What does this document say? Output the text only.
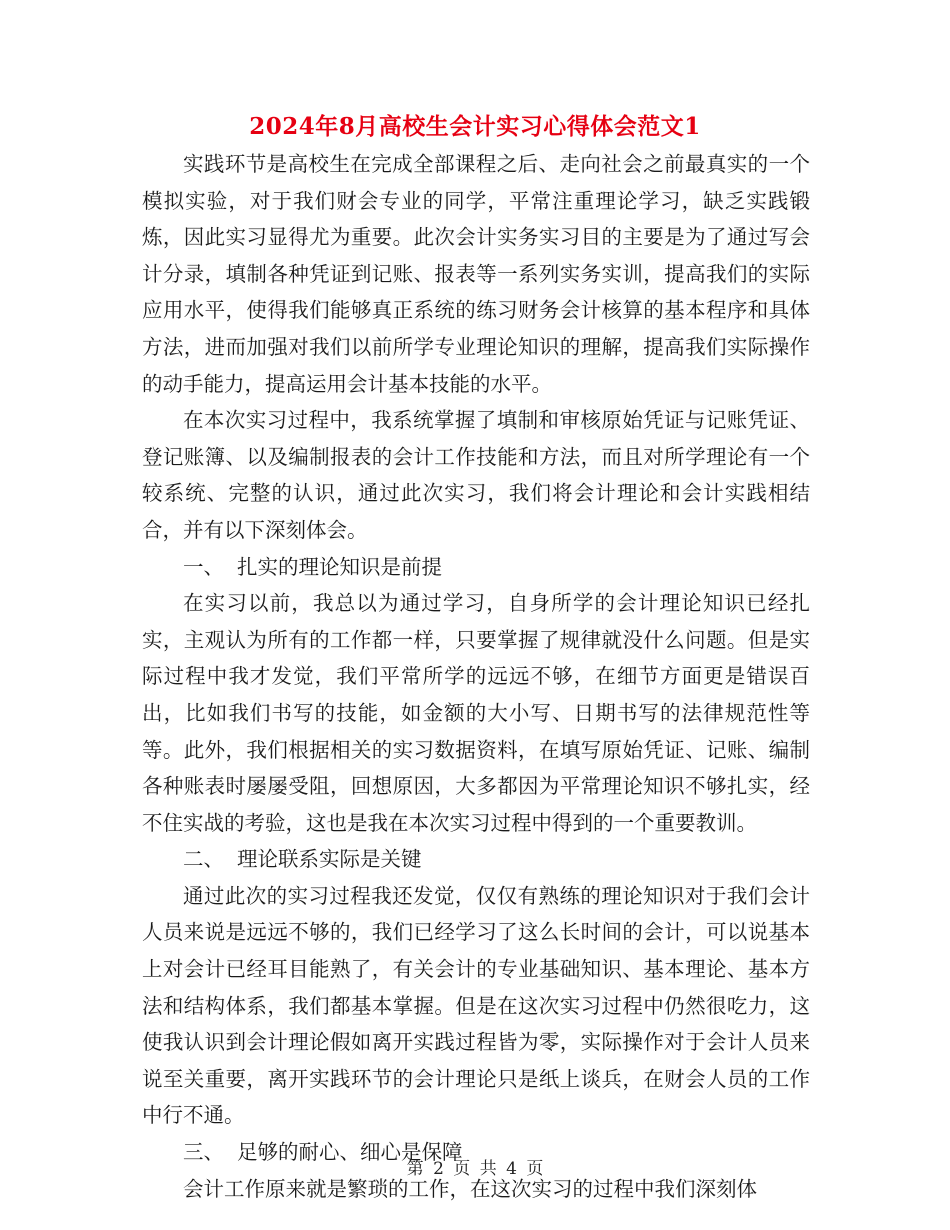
2024年8月高校生会计实习心得体会范文1

实践环节是高校生在完成全部课程之后、走向社会之前最真实的一个模拟实验，对于我们财会专业的同学，平常注重理论学习，缺乏实践锻炼，因此实习显得尤为重要。此次会计实务实习目的主要是为了通过写会计分录，填制各种凭证到记账、报表等一系列实务实训，提高我们的实际应用水平，使得我们能够真正系统的练习财务会计核算的基本程序和具体方法，进而加强对我们以前所学专业理论知识的理解，提高我们实际操作的动手能力，提高运用会计基本技能的水平。

在本次实习过程中，我系统掌握了填制和审核原始凭证与记账凭证、登记账簿、以及编制报表的会计工作技能和方法，而且对所学理论有一个较系统、完整的认识，通过此次实习，我们将会计理论和会计实践相结合，并有以下深刻体会。

一、  扎实的理论知识是前提

在实习以前，我总以为通过学习，自身所学的会计理论知识已经扎实，主观认为所有的工作都一样，只要掌握了规律就没什么问题。但是实际过程中我才发觉，我们平常所学的远远不够，在细节方面更是错误百出，比如我们书写的技能，如金额的大小写、日期书写的法律规范性等等。此外，我们根据相关的实习数据资料，在填写原始凭证、记账、编制各种账表时屡屡受阻，回想原因，大多都因为平常理论知识不够扎实，经不住实战的考验，这也是我在本次实习过程中得到的一个重要教训。

二、  理论联系实际是关键

通过此次的实习过程我还发觉，仅仅有熟练的理论知识对于我们会计人员来说是远远不够的，我们已经学习了这么长时间的会计，可以说基本上对会计已经耳目能熟了，有关会计的专业基础知识、基本理论、基本方法和结构体系，我们都基本掌握。但是在这次实习过程中仍然很吃力，这使我认识到会计理论假如离开实践过程皆为零，实际操作对于会计人员来说至关重要，离开实践环节的会计理论只是纸上谈兵，在财会人员的工作中行不通。

三、  足够的耐心、细心是保障

会计工作原来就是繁琐的工作，在这次实习的过程中我们深刻体

第 2 页 共 4 页
